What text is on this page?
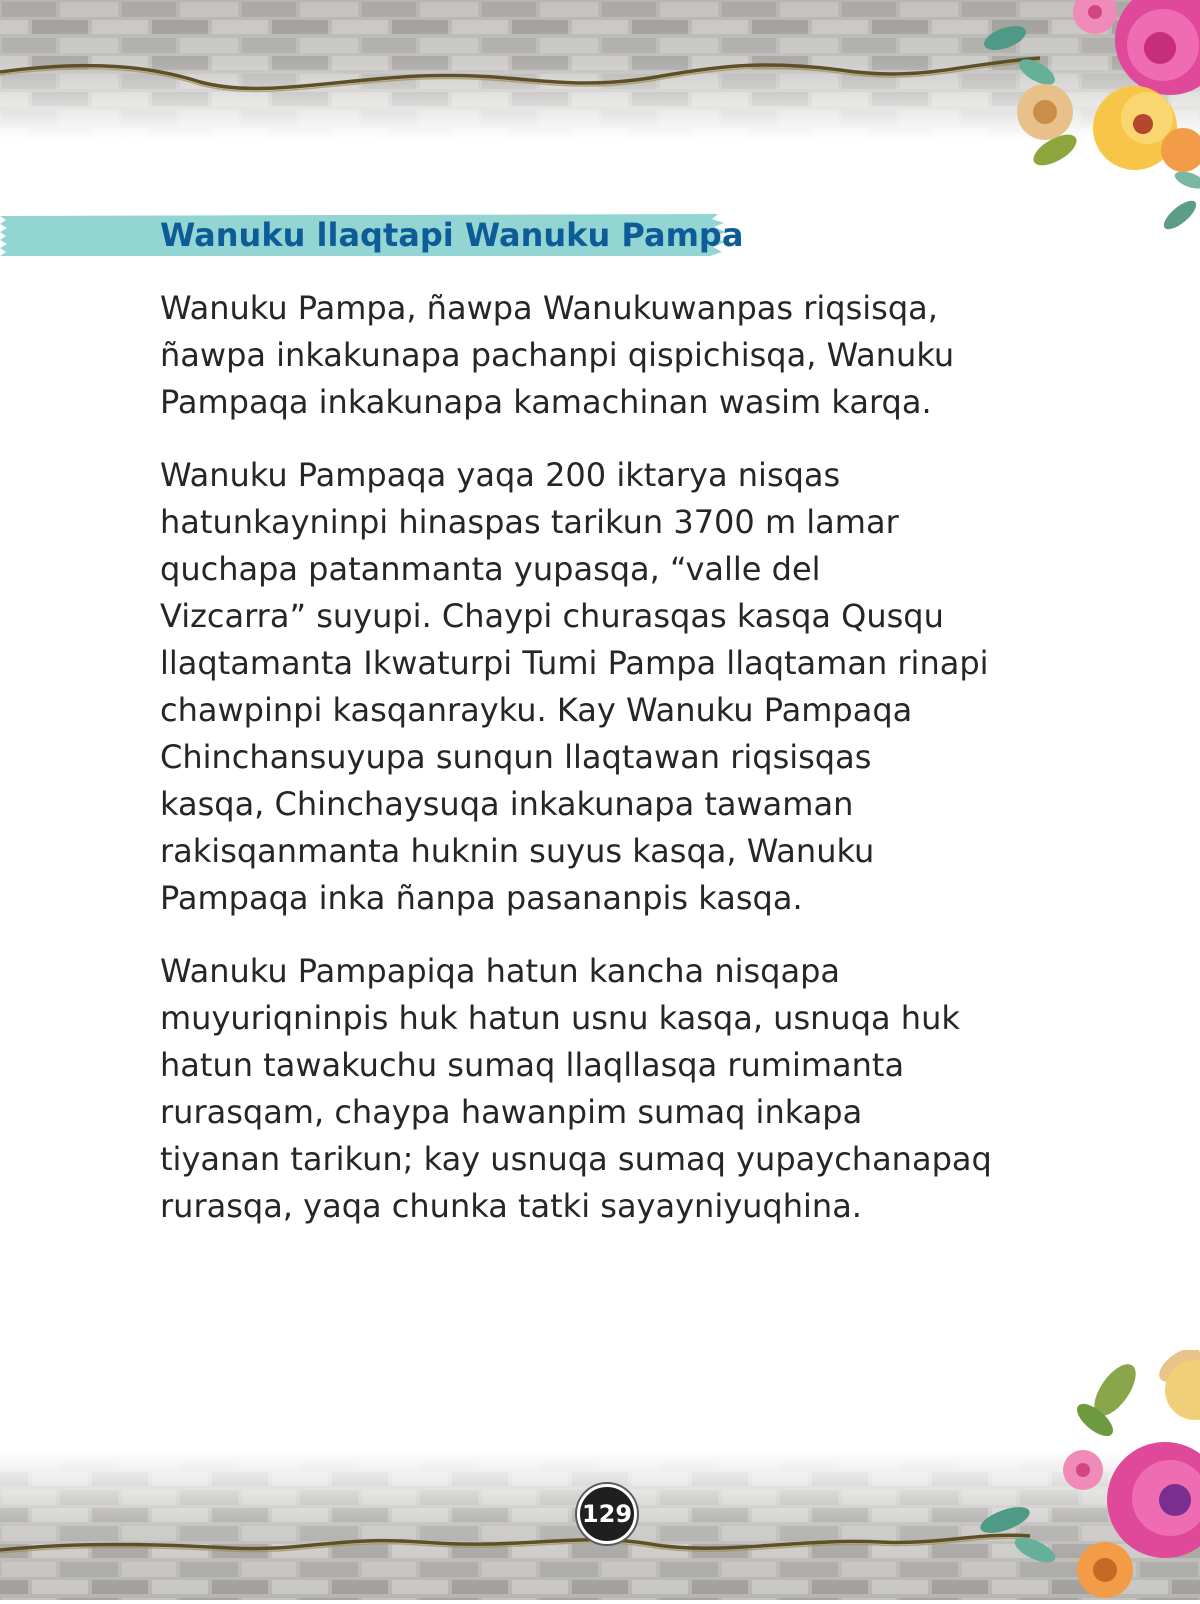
Wanuku llaqtapi Wanuku Pampa

Wanuku Pampa, ñawpa Wanukuwanpas riqsisqa,
ñawpa inkakunapa pachanpi qispichisqa, Wanuku
Pampaqa inkakunapa kamachinan wasim karqa.

Wanuku Pampaqa yaqa 200 iktarya nisqas
hatunkayninpi hinaspas tarikun 3700 m lamar
quchapa patanmanta yupasqa, “valle del
Vizcarra” suyupi. Chaypi churasqas kasqa Qusqu
llaqtamanta Ikwaturpi Tumi Pampa llaqtaman rinapi
chawpinpi kasqanrayku. Kay Wanuku Pampaqa
Chinchansuyupa sunqun llaqtawan riqsisqas
kasqa, Chinchaysuqa inkakunapa tawaman
rakisqanmanta huknin suyus kasqa, Wanuku
Pampaqa inka ñanpa pasananpis kasqa.

Wanuku Pampapiqa hatun kancha nisqapa
muyuriqninpis huk hatun usnu kasqa, usnuqa huk
hatun tawakuchu sumaq llaqllasqa rumimanta
rurasqam, chaypa hawanpim sumaq inkapa
tiyanan tarikun; kay usnuqa sumaq yupaychanapaq
rurasqa, yaqa chunka tatki sayayniyuqhina.

129
